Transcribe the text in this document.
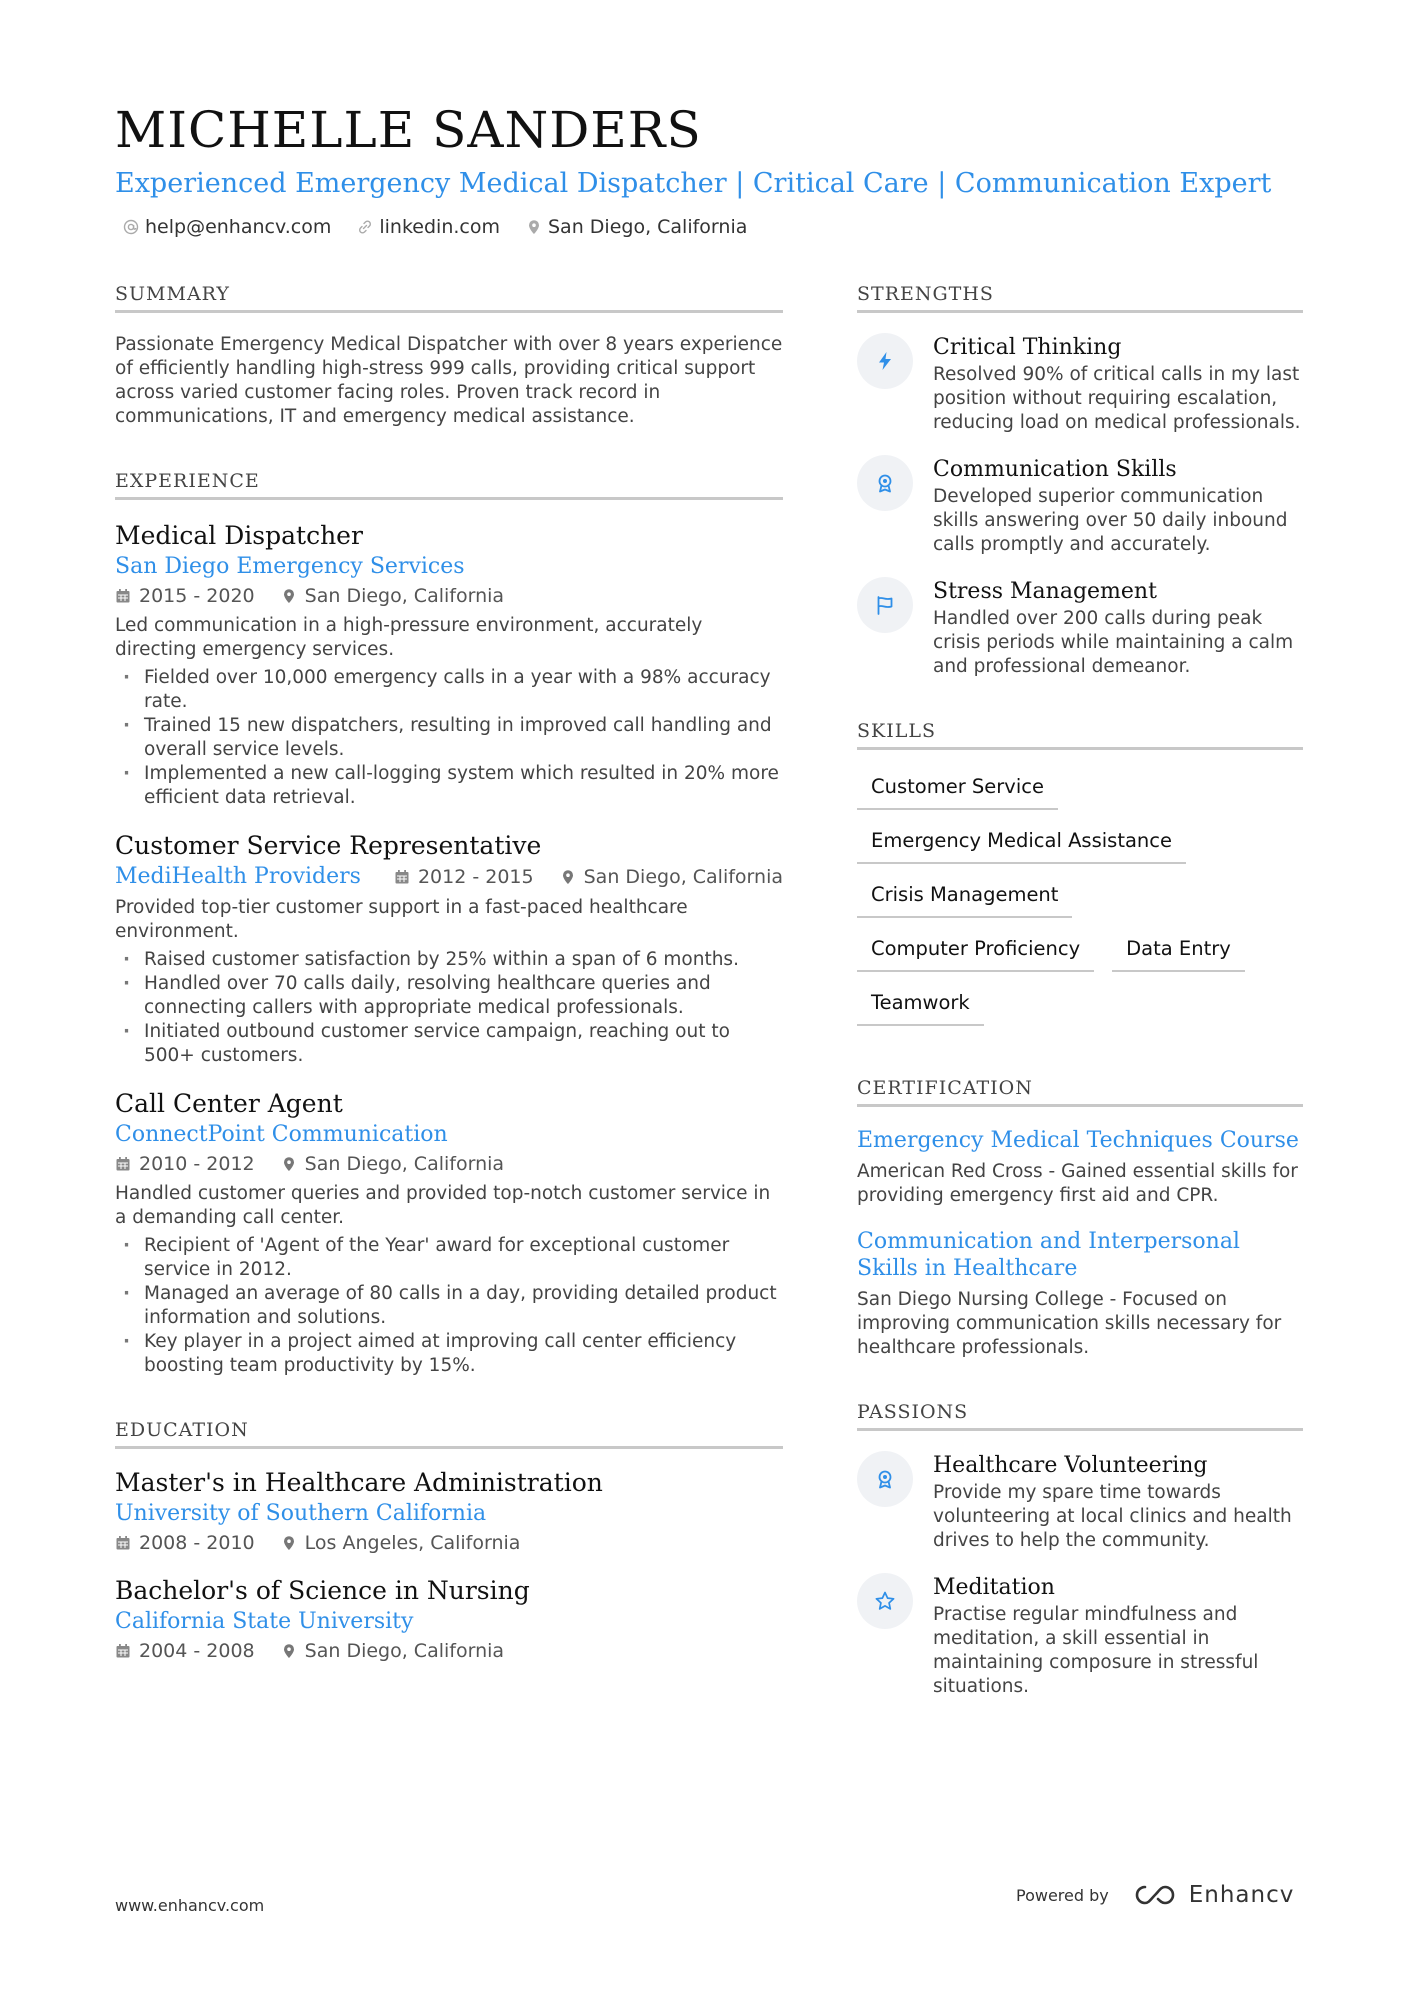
MICHELLE SANDERS
Experienced Emergency Medical Dispatcher | Critical Care | Communication Expert
help@enhancv.com	linkedin.com	San Diego, California
SUMMARY

Passionate Emergency Medical Dispatcher with over 8 years experience of efficiently handling high-stress 999 calls, providing critical support across varied customer facing roles. Proven track record in communications, IT and emergency medical assistance.

EXPERIENCE
Medical Dispatcher
San Diego Emergency Services
2015 - 2020	San Diego, California

Led communication in a high-pressure environment, accurately directing emergency services.

· Fielded over 10,000 emergency calls in a year with a 98% accuracy rate.
· Trained 15 new dispatchers, resulting in improved call handling and overall service levels.
· Implemented a new call-logging system which resulted in 20% more efficient data retrieval.
Customer Service Representative
MediHealth Providers	2012 - 2015	San Diego, California

Provided top-tier customer support in a fast-paced healthcare environment.

· Raised customer satisfaction by 25% within a span of 6 months.
· Handled over 70 calls daily, resolving healthcare queries and connecting callers with appropriate medical professionals.
· Initiated outbound customer service campaign, reaching out to 500+ customers.
Call Center Agent
ConnectPoint Communication
2010 - 2012	San Diego, California

Handled customer queries and provided top-notch customer service in a demanding call center.

· Recipient of 'Agent of the Year' award for exceptional customer service in 2012.
· Managed an average of 80 calls in a day, providing detailed product information and solutions.
· Key player in a project aimed at improving call center efficiency boosting team productivity by 15%.
EDUCATION
Master's in Healthcare Administration
University of Southern California
2008 - 2010	Los Angeles, California
Bachelor's of Science in Nursing
California State University
2004 - 2008	San Diego, California
STRENGTHS
Critical Thinking

Resolved 90% of critical calls in my last position without requiring escalation, reducing load on medical professionals.

Communication Skills

Developed superior communication skills answering over 50 daily inbound calls promptly and accurately.

Stress Management

Handled over 200 calls during peak crisis periods while maintaining a calm and professional demeanor.

SKILLS
Customer Service
Emergency Medical Assistance
Crisis Management
Computer Proficiency	Data Entry
Teamwork
CERTIFICATION
Emergency Medical Techniques Course

American Red Cross - Gained essential skills for providing emergency first aid and CPR.

Communication and Interpersonal Skills in Healthcare

San Diego Nursing College - Focused on improving communication skills necessary for healthcare professionals.

PASSIONS
Healthcare Volunteering

Provide my spare time towards volunteering at local clinics and health drives to help the community.

Meditation

Practise regular mindfulness and meditation, a skill essential in maintaining composure in stressful situations.

www.enhancv.com
Powered by	Enhancv
